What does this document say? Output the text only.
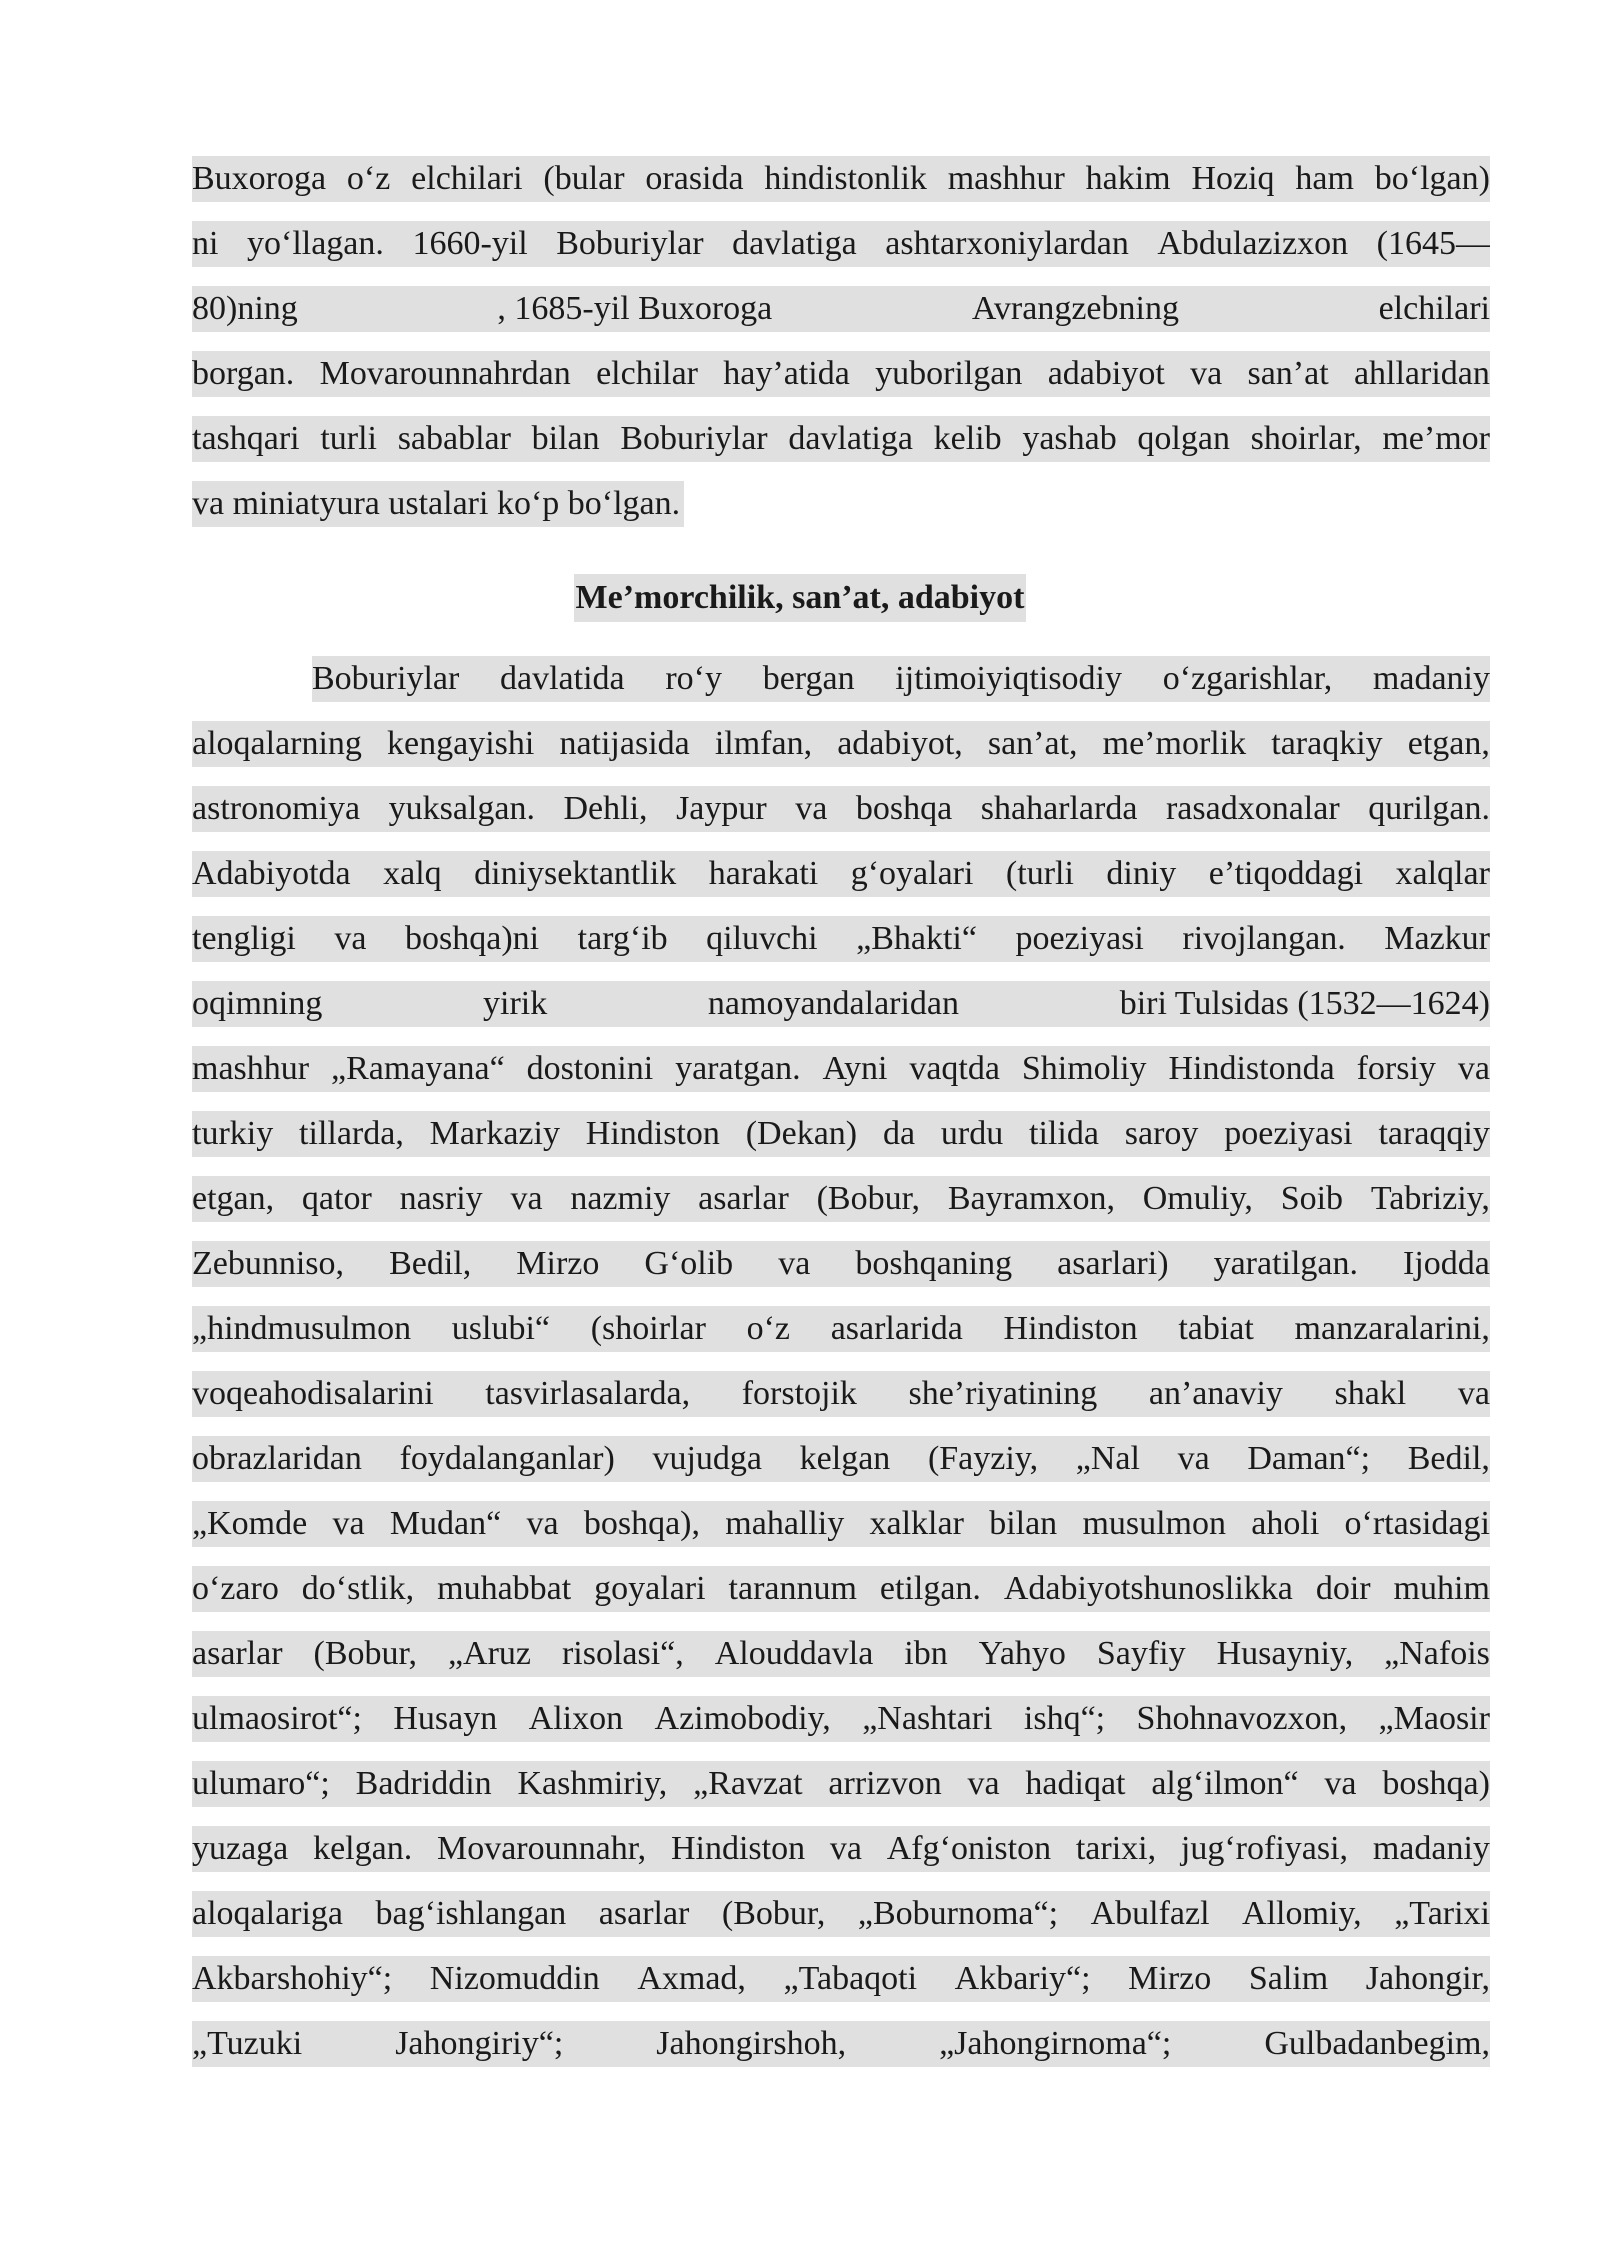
Buxoroga o‘z elchilari (bular orasida hindistonlik mashhur hakim Hoziq ham bo‘lgan)
ni yo‘llagan. 1660-yil Boburiylar davlatiga ashtarxoniylardan Abdulazizxon (1645—
80)ning	, 1685-yil Buxoroga	Avrangzebning	elchilari
borgan. Movarounnahrdan elchilar hay’atida yuborilgan adabiyot va san’at ahllaridan
tashqari turli sabablar bilan Boburiylar davlatiga kelib yashab qolgan shoirlar, me’mor
va miniatyura ustalari ko‘p bo‘lgan.
Me’morchilik, san’at, adabiyot
Boburiylar davlatida ro‘y bergan ijtimoiyiqtisodiy o‘zgarishlar, madaniy
aloqalarning kengayishi natijasida ilmfan, adabiyot, san’at, me’morlik taraqkiy etgan,
astronomiya yuksalgan. Dehli, Jaypur va boshqa shaharlarda rasadxonalar qurilgan.
Adabiyotda xalq diniysektantlik harakati g‘oyalari (turli diniy e’tiqoddagi xalqlar
tengligi va boshqa)ni targ‘ib qiluvchi „Bhakti“ poeziyasi rivojlangan. Mazkur
oqimning	yirik	namoyandalaridan	biri Tulsidas (1532—1624)
mashhur „Ramayana“ dostonini yaratgan. Ayni vaqtda Shimoliy Hindistonda forsiy va
turkiy tillarda, Markaziy Hindiston (Dekan) da urdu tilida saroy poeziyasi taraqqiy
etgan, qator nasriy va nazmiy asarlar (Bobur, Bayramxon, Omuliy, Soib Tabriziy,
Zebunniso, Bedil, Mirzo G‘olib va boshqaning asarlari) yaratilgan. Ijodda
„hindmusulmon uslubi“ (shoirlar o‘z asarlarida Hindiston tabiat manzaralarini,
voqeahodisalarini tasvirlasalarda, forstojik she’riyatining an’anaviy shakl va
obrazlaridan foydalanganlar) vujudga kelgan (Fayziy, „Nal va Daman“; Bedil,
„Komde va Mudan“ va boshqa), mahalliy xalklar bilan musulmon aholi o‘rtasidagi
o‘zaro do‘stlik, muhabbat goyalari tarannum etilgan. Adabiyotshunoslikka doir muhim
asarlar (Bobur, „Aruz risolasi“, Alouddavla ibn Yahyo Sayfiy Husayniy, „Nafois
ulmaosirot“; Husayn Alixon Azimobodiy, „Nashtari ishq“; Shohnavozxon, „Maosir
ulumaro“; Badriddin Kashmiriy, „Ravzat arrizvon va hadiqat alg‘ilmon“ va boshqa)
yuzaga kelgan. Movarounnahr, Hindiston va Afg‘oniston tarixi, jug‘rofiyasi, madaniy
aloqalariga bag‘ishlangan asarlar (Bobur, „Boburnoma“; Abulfazl Allomiy, „Tarixi
Akbarshohiy“; Nizomuddin Axmad, „Tabaqoti Akbariy“; Mirzo Salim Jahongir,
„Tuzuki	Jahongiriy“;	Jahongirshoh,	„Jahongirnoma“;	Gulbadanbegim,
